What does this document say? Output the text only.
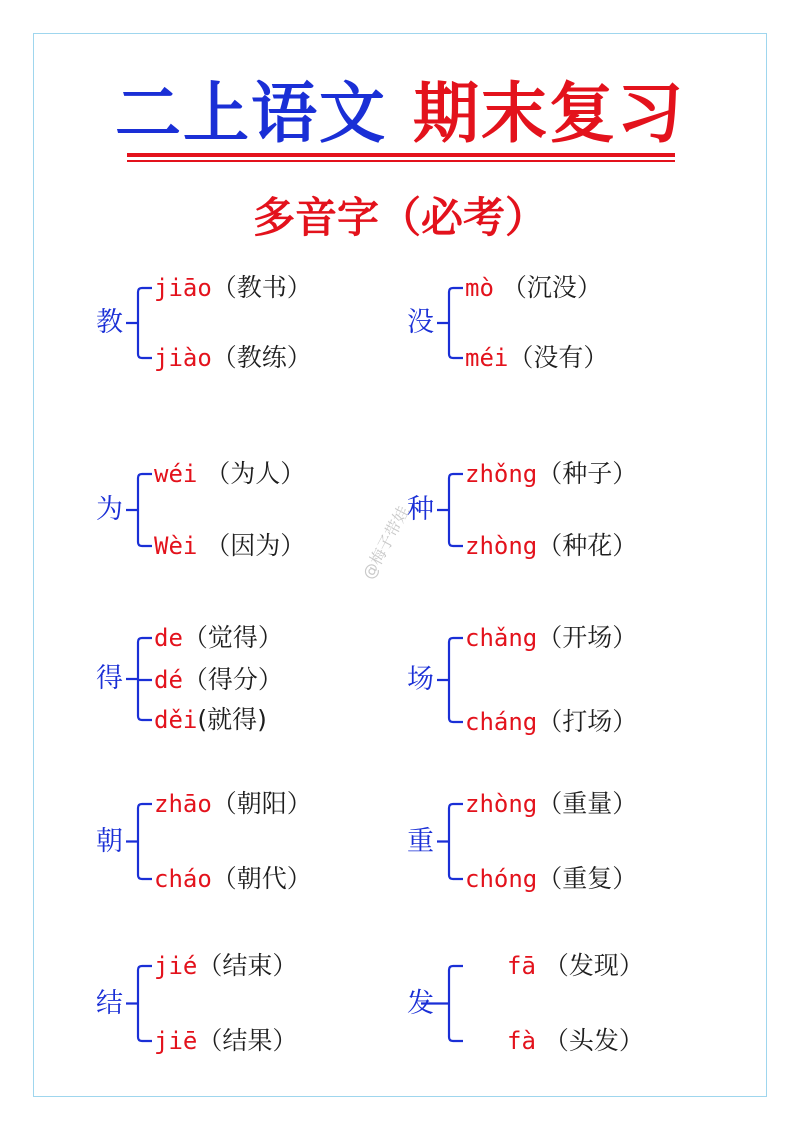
二上语文 期末复习
多音字（必考）
@梅子带娃
教
jiāo（教书）
jiào（教练）
没
mò （沉没）
méi（没有）
为
wéi （为人）
Wèi （因为）
种
zhǒng（种子）
zhòng（种花）
得
de（觉得）
dé（得分）
děi(就得)
场
chǎng（开场）
cháng（打场）
朝
zhāo（朝阳）
cháo（朝代）
重
zhòng（重量）
chóng（重复）
结
jié（结束）
jiē（结果）
发
fā （发现）
fà （头发）
